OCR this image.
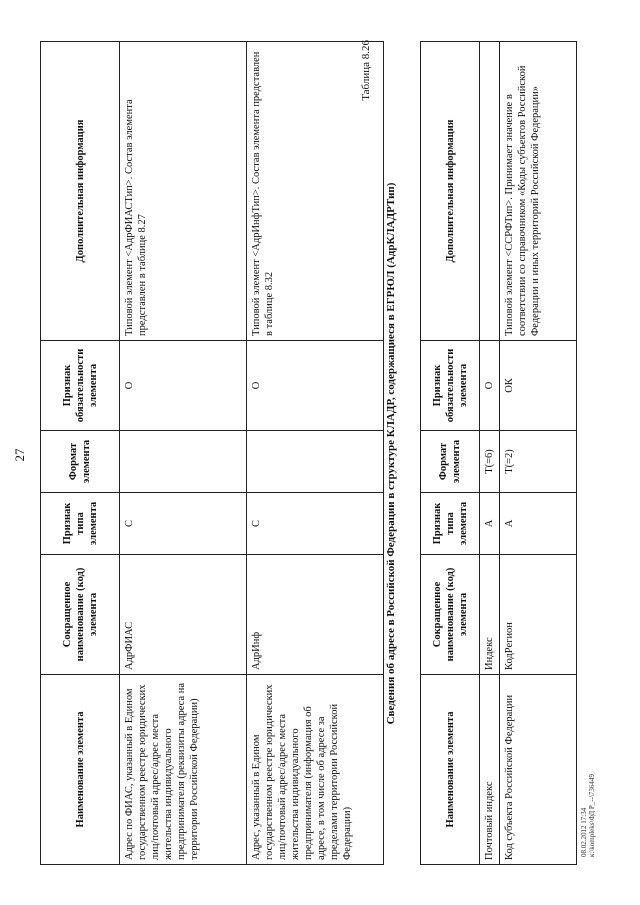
27
Наименование элемента	Сокращенное наименование (код) элемента	Признак типа элемента	Формат элемента	Признак обязательности элемента	Дополнительная информация
Адрес по ФИАС, указанный в Едином государственном реестре юридических лиц/почтовый адрес/адрес места жительства индивидуального предпринимателя (реквизиты адреса на территории Российской Федерации)	АдрФИАС	С		О	Типовой элемент <АдрФИАСТип>. Состав элемента представлен в таблице 8.27
Адрес, указанный в Едином государственном реестре юридических лиц/почтовый адрес/адрес места жительства индивидуального предпринимателя (информация об адресе, в том числе об адресе за пределами территории Российской Федерации)	АдрИнф	С		О	Типовой элемент <АдрИнфТип>. Состав элемента представлен в таблице 8.32
Таблица 8.26
Сведения об адресе в Российской Федерации в структуре КЛАДР, содержащиеся в ЕГРЮЛ (АдрКЛАДРТип)
Наименование элемента	Сокращенное наименование (код) элемента	Признак типа элемента	Формат элемента	Признак обязательности элемента	Дополнительная информация
Почтовый индекс	Индекс	А	Т(=6)	О	
Код субъекта Российской Федерации	КодРегион	А	Т(=2)	ОК	Типовой элемент <ССРФТип>. Принимает значение в соответствии со справочником «Коды субъектов Российской Федерации и иных территорий Российской Федерации»
08.02.2012 17:34 к:\kompleks\ФД Р_--\736449
